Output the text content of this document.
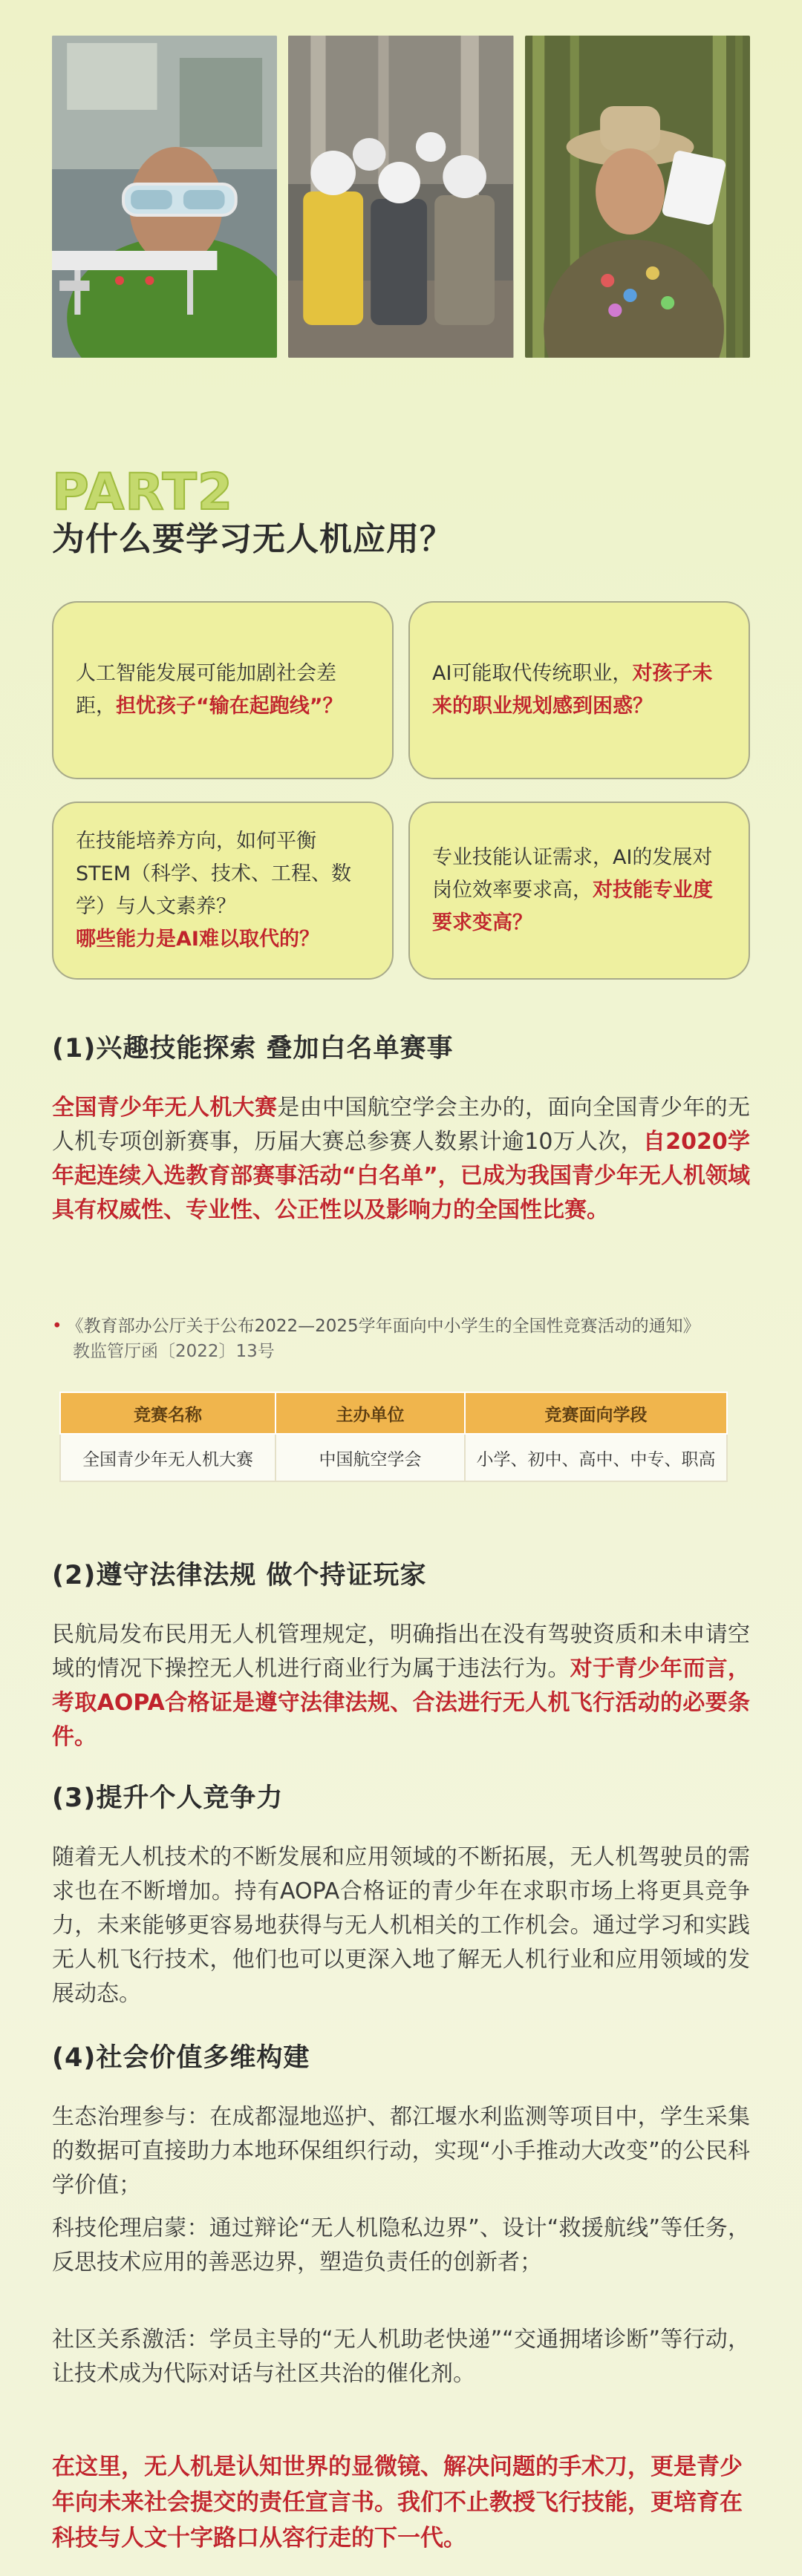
PART2
为什么要学习无人机应用？

人工智能发展可能加剧社会差距，担忧孩子“输在起跑线”？

AI可能取代传统职业，对孩子未来的职业规划感到困惑？

在技能培养方向，如何平衡STEM（科学、技术、工程、数学）与人文素养？
哪些能力是AI难以取代的？

专业技能认证需求，AI的发展对岗位效率要求高，对技能专业度要求变高？

(1)兴趣技能探索 叠加白名单赛事

全国青少年无人机大赛是由中国航空学会主办的，面向全国青少年的无人机专项创新赛事，历届大赛总参赛人数累计逾10万人次，自2020学年起连续入选教育部赛事活动“白名单”，已成为我国青少年无人机领域具有权威性、专业性、公正性以及影响力的全国性比赛。

• 《教育部办公厅关于公布2022—2025学年面向中小学生的全国性竞赛活动的通知》
教监管厅函〔2022〕13号
竞赛名称	主办单位	竞赛面向学段
全国青少年无人机大赛	中国航空学会	小学、初中、高中、中专、职高
(2)遵守法律法规 做个持证玩家

民航局发布民用无人机管理规定，明确指出在没有驾驶资质和未申请空域的情况下操控无人机进行商业行为属于违法行为。对于青少年而言，考取AOPA合格证是遵守法律法规、合法进行无人机飞行活动的必要条件。

(3)提升个人竞争力

随着无人机技术的不断发展和应用领域的不断拓展，无人机驾驶员的需求也在不断增加。持有AOPA合格证的青少年在求职市场上将更具竞争力，未来能够更容易地获得与无人机相关的工作机会。通过学习和实践无人机飞行技术，他们也可以更深入地了解无人机行业和应用领域的发展动态。

(4)社会价值多维构建

生态治理参与：在成都湿地巡护、都江堰水利监测等项目中，学生采集的数据可直接助力本地环保组织行动，实现“小手推动大改变”的公民科学价值；

科技伦理启蒙：通过辩论“无人机隐私边界”、设计“救援航线”等任务，反思技术应用的善恶边界，塑造负责任的创新者；

社区关系激活：学员主导的“无人机助老快递”“交通拥堵诊断”等行动，让技术成为代际对话与社区共治的催化剂。

在这里，无人机是认知世界的显微镜、解决问题的手术刀，更是青少年向未来社会提交的责任宣言书。我们不止教授飞行技能，更培育在科技与人文十字路口从容行走的下一代。
